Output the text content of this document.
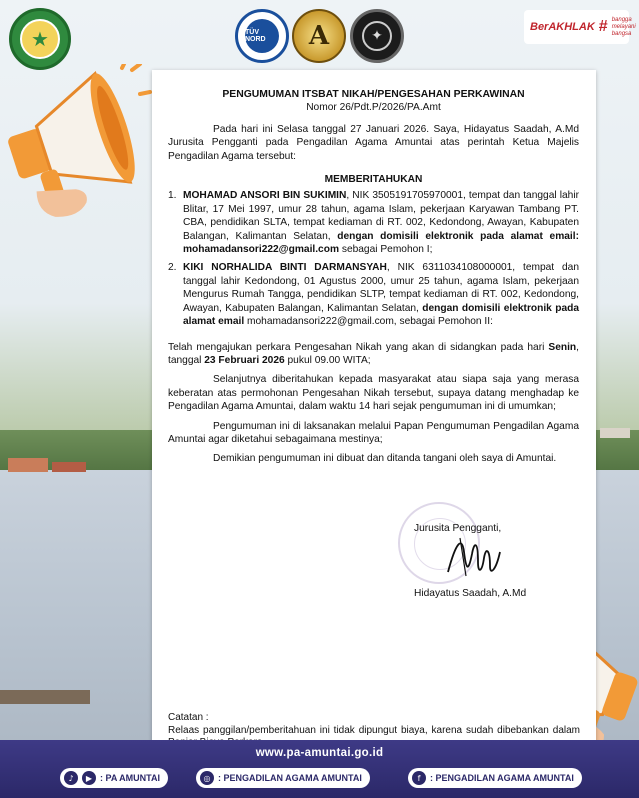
★	TÜV NORD	A	✦
BerAKHLAK # bangga
melayani
bangsa
PENGUMUMAN ITSBAT NIKAH/PENGESAHAN PERKAWINAN
Nomor 26/Pdt.P/2026/PA.Amt
Pada hari ini Selasa tanggal 27 Januari 2026. Saya, Hidayatus Saadah, A.Md Jurusita Pengganti pada Pengadilan Agama Amuntai atas perintah Ketua Majelis Pengadilan Agama tersebut:
MEMBERITAHUKAN
1. MOHAMAD ANSORI BIN SUKIMIN, NIK 3505191705970001, tempat dan tanggal lahir Blitar, 17 Mei 1997, umur 28 tahun, agama Islam, pekerjaan Karyawan Tambang PT. CBA, pendidikan SLTA, tempat kediaman di RT. 002, Kedondong, Awayan, Kabupaten Balangan, Kalimantan Selatan, dengan domisili elektronik pada alamat email: mohamadansori222@gmail.com sebagai Pemohon I;
2. KIKI NORHALIDA BINTI DARMANSYAH, NIK 6311034108000001, tempat dan tanggal lahir Kedondong, 01 Agustus 2000, umur 25 tahun, agama Islam, pekerjaan Mengurus Rumah Tangga, pendidikan SLTP, tempat kediaman di RT. 002, Kedondong, Awayan, Kabupaten Balangan, Kalimantan Selatan, dengan domisili elektronik pada alamat email mohamadansori222@gmail.com, sebagai Pemohon II:
Telah mengajukan perkara Pengesahan Nikah yang akan di sidangkan pada hari Senin, tanggal 23 Februari 2026 pukul 09.00 WITA;
Selanjutnya diberitahukan kepada masyarakat atau siapa saja yang merasa keberatan atas permohonan Pengesahan Nikah tersebut, supaya datang menghadap ke Pengadilan Agama Amuntai, dalam waktu 14 hari sejak pengumuman ini di umumkan;
Pengumuman ini di laksanakan melalui Papan Pengumuman Pengadilan Agama Amuntai agar diketahui sebagaimana mestinya;
Demikian pengumuman ini dibuat dan ditanda tangani oleh saya di Amuntai.
Jurusita Pengganti,
Hidayatus Saadah, A.Md
Catatan :
Relaas panggilan/pemberitahuan ini tidak dipungut biaya, karena sudah dibebankan dalam
www.pa-amuntai.go.id
♪	▶ : PA AMUNTAI	◎ : PENGADILAN AGAMA AMUNTAI	f	: PENGADILAN AGAMA AMUNTAI
